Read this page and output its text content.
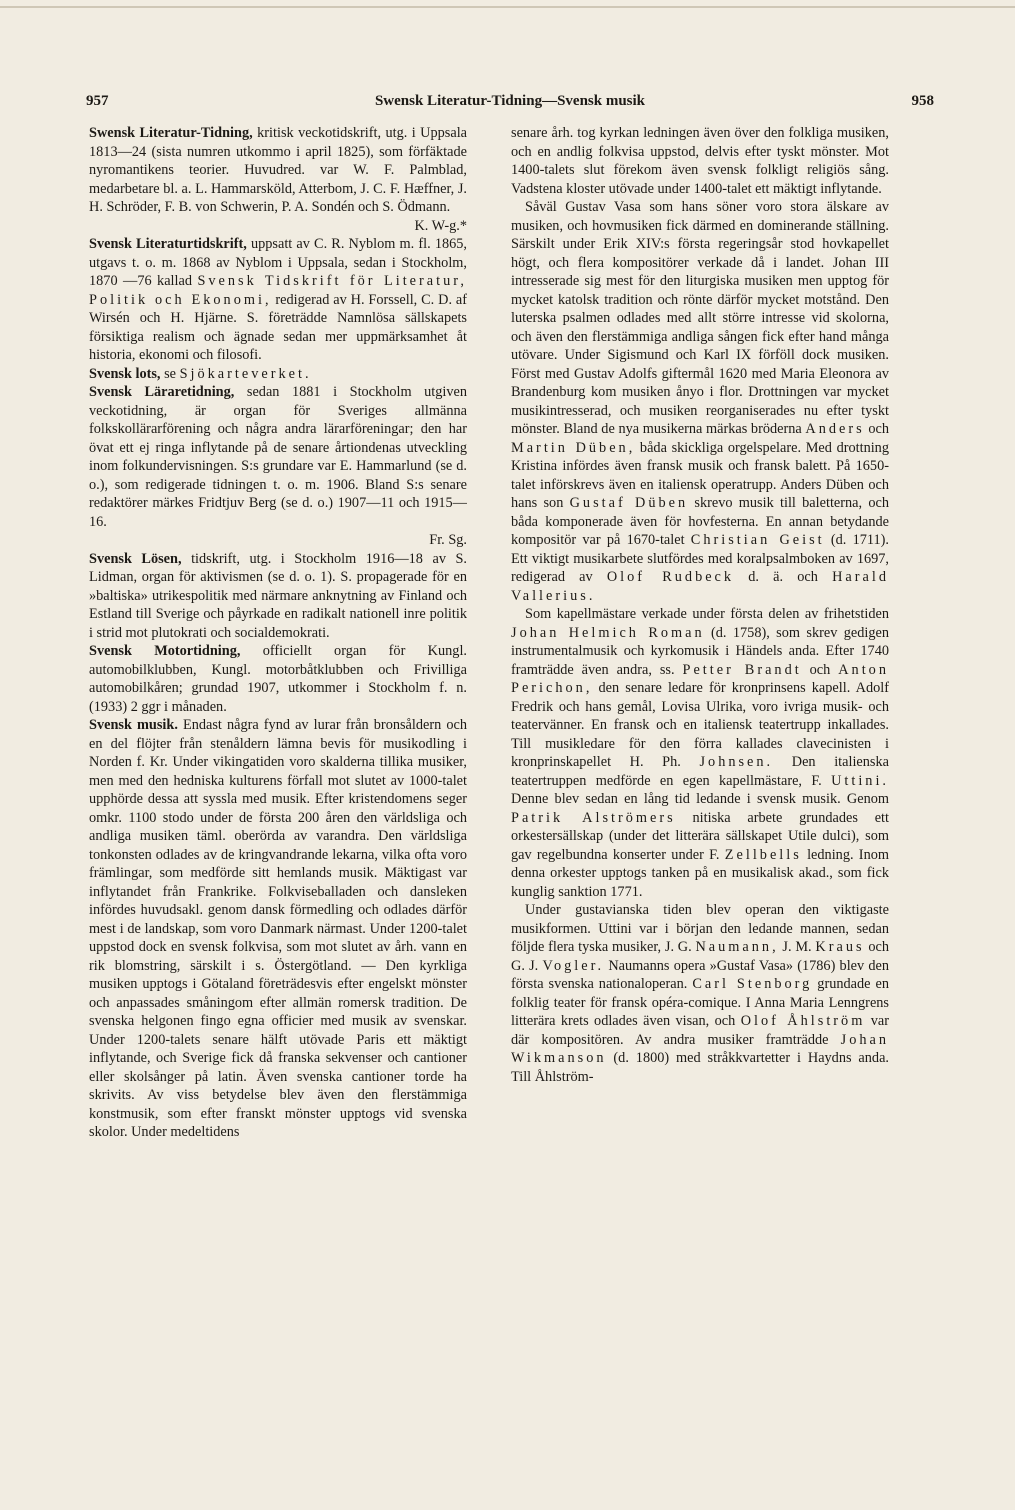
957	Swensk Literatur-Tidning—Svensk musik	958

Swensk Literatur-Tidning, kritisk veckotidskrift, utg. i Uppsala 1813—24 (sista numren utkommo i april 1825), som förfäktade nyromantikens teorier. Huvudred. var W. F. Palmblad, medarbetare bl. a. L. Hammarsköld, Atterbom, J. C. F. Hæffner, J. H. Schröder, F. B. von Schwerin, P. A. Sondén och S. Ödmann.
K. W-g.*

Svensk Literaturtidskrift, uppsatt av C. R. Nyblom m. fl. 1865, utgavs t. o. m. 1868 av Nyblom i Uppsala, sedan i Stockholm, 1870 —76 kallad Svensk Tidskrift för Literatur, Politik och Ekonomi, redigerad av H. Forssell, C. D. af Wirsén och H. Hjärne. S. företrädde Namnlösa sällskapets försiktiga realism och ägnade sedan mer uppmärksamhet åt historia, ekonomi och filosofi.

Svensk lots, se Sjökarteverket.

Svensk Läraretidning, sedan 1881 i Stockholm utgiven veckotidning, är organ för Sveriges allmänna folkskollärarförening och några andra lärarföreningar; den har övat ett ej ringa inflytande på de senare årtiondenas utveckling inom folkundervisningen. S:s grundare var E. Hammarlund (se d. o.), som redigerade tidningen t. o. m. 1906. Bland S:s senare redaktörer märkes Fridtjuv Berg (se d. o.) 1907—11 och 1915—16.
Fr. Sg.

Svensk Lösen, tidskrift, utg. i Stockholm 1916—18 av S. Lidman, organ för aktivismen (se d. o. 1). S. propagerade för en »baltiska» utrikespolitik med närmare anknytning av Finland och Estland till Sverige och påyrkade en radikalt nationell inre politik i strid mot plutokrati och socialdemokrati.

Svensk Motortidning, officiellt organ för Kungl. automobilklubben, Kungl. motorbåtklubben och Frivilliga automobilkåren; grundad 1907, utkommer i Stockholm f. n. (1933) 2 ggr i månaden.

Svensk musik. Endast några fynd av lurar från bronsåldern och en del flöjter från stenåldern lämna bevis för musikodling i Norden f. Kr. Under vikingatiden voro skalderna tillika musiker, men med den hedniska kulturens förfall mot slutet av 1000-talet upphörde dessa att syssla med musik. Efter kristendomens seger omkr. 1100 stodo under de första 200 åren den världsliga och andliga musiken täml. oberörda av varandra. Den världsliga tonkonsten odlades av de kringvandrande lekarna, vilka ofta voro främlingar, som medförde sitt hemlands musik. Mäktigast var inflytandet från Frankrike. Folkviseballaden och dansleken infördes huvudsakl. genom dansk förmedling och odlades därför mest i de landskap, som voro Danmark närmast. Under 1200-talet uppstod dock en svensk folkvisa, som mot slutet av årh. vann en rik blomstring, särskilt i s. Östergötland. — Den kyrkliga musiken upptogs i Götaland företrädesvis efter engelskt mönster och anpassades småningom efter allmän romersk tradition. De svenska helgonen fingo egna officier med musik av svenskar. Under 1200-talets senare hälft utövade Paris ett mäktigt inflytande, och Sverige fick då franska sekvenser och cantioner eller skolsånger på latin. Även svenska cantioner torde ha skrivits. Av viss betydelse blev även den flerstämmiga konstmusik, som efter franskt mönster upptogs vid svenska skolor. Under medeltidens

senare årh. tog kyrkan ledningen även över den folkliga musiken, och en andlig folkvisa uppstod, delvis efter tyskt mönster. Mot 1400-talets slut förekom även svensk folkligt religiös sång. Vadstena kloster utövade under 1400-talet ett mäktigt inflytande.

Såväl Gustav Vasa som hans söner voro stora älskare av musiken, och hovmusiken fick därmed en dominerande ställning. Särskilt under Erik XIV:s första regeringsår stod hovkapellet högt, och flera kompositörer verkade då i landet. Johan III intresserade sig mest för den liturgiska musiken men upptog för mycket katolsk tradition och rönte därför mycket motstånd. Den luterska psalmen odlades med allt större intresse vid skolorna, och även den flerstämmiga andliga sången fick efter hand många utövare. Under Sigismund och Karl IX förföll dock musiken. Först med Gustav Adolfs giftermål 1620 med Maria Eleonora av Brandenburg kom musiken ånyo i flor. Drottningen var mycket musikintresserad, och musiken reorganiserades nu efter tyskt mönster. Bland de nya musikerna märkas bröderna Anders och Martin Düben, båda skickliga orgelspelare. Med drottning Kristina infördes även fransk musik och fransk balett. På 1650-talet införskrevs även en italiensk operatrupp. Anders Düben och hans son Gustaf Düben skrevo musik till baletterna, och båda komponerade även för hovfesterna. En annan betydande kompositör var på 1670-talet Christian Geist (d. 1711). Ett viktigt musikarbete slutfördes med koralpsalmboken av 1697, redigerad av Olof Rudbeck d. ä. och Harald Vallerius.

Som kapellmästare verkade under första delen av frihetstiden Johan Helmich Roman (d. 1758), som skrev gedigen instrumentalmusik och kyrkomusik i Händels anda. Efter 1740 framträdde även andra, ss. Petter Brandt och Anton Perichon, den senare ledare för kronprinsens kapell. Adolf Fredrik och hans gemål, Lovisa Ulrika, voro ivriga musik- och teatervänner. En fransk och en italiensk teatertrupp inkallades. Till musikledare för den förra kallades clavecinisten i kronprinskapellet H. Ph. Johnsen. Den italienska teatertruppen medförde en egen kapellmästare, F. Uttini. Denne blev sedan en lång tid ledande i svensk musik. Genom Patrik Alströmers nitiska arbete grundades ett orkestersällskap (under det litterära sällskapet Utile dulci), som gav regelbundna konserter under F. Zellbells ledning. Inom denna orkester upptogs tanken på en musikalisk akad., som fick kunglig sanktion 1771.

Under gustavianska tiden blev operan den viktigaste musikformen. Uttini var i början den ledande mannen, sedan följde flera tyska musiker, J. G. Naumann, J. M. Kraus och G. J. Vogler. Naumanns opera »Gustaf Vasa» (1786) blev den första svenska nationaloperan. Carl Stenborg grundade en folklig teater för fransk opéra-comique. I Anna Maria Lenngrens litterära krets odlades även visan, och Olof Åhlström var där kompositören. Av andra musiker framträdde Johan Wikmanson (d. 1800) med stråkkvartetter i Haydns anda. Till Åhlström-
